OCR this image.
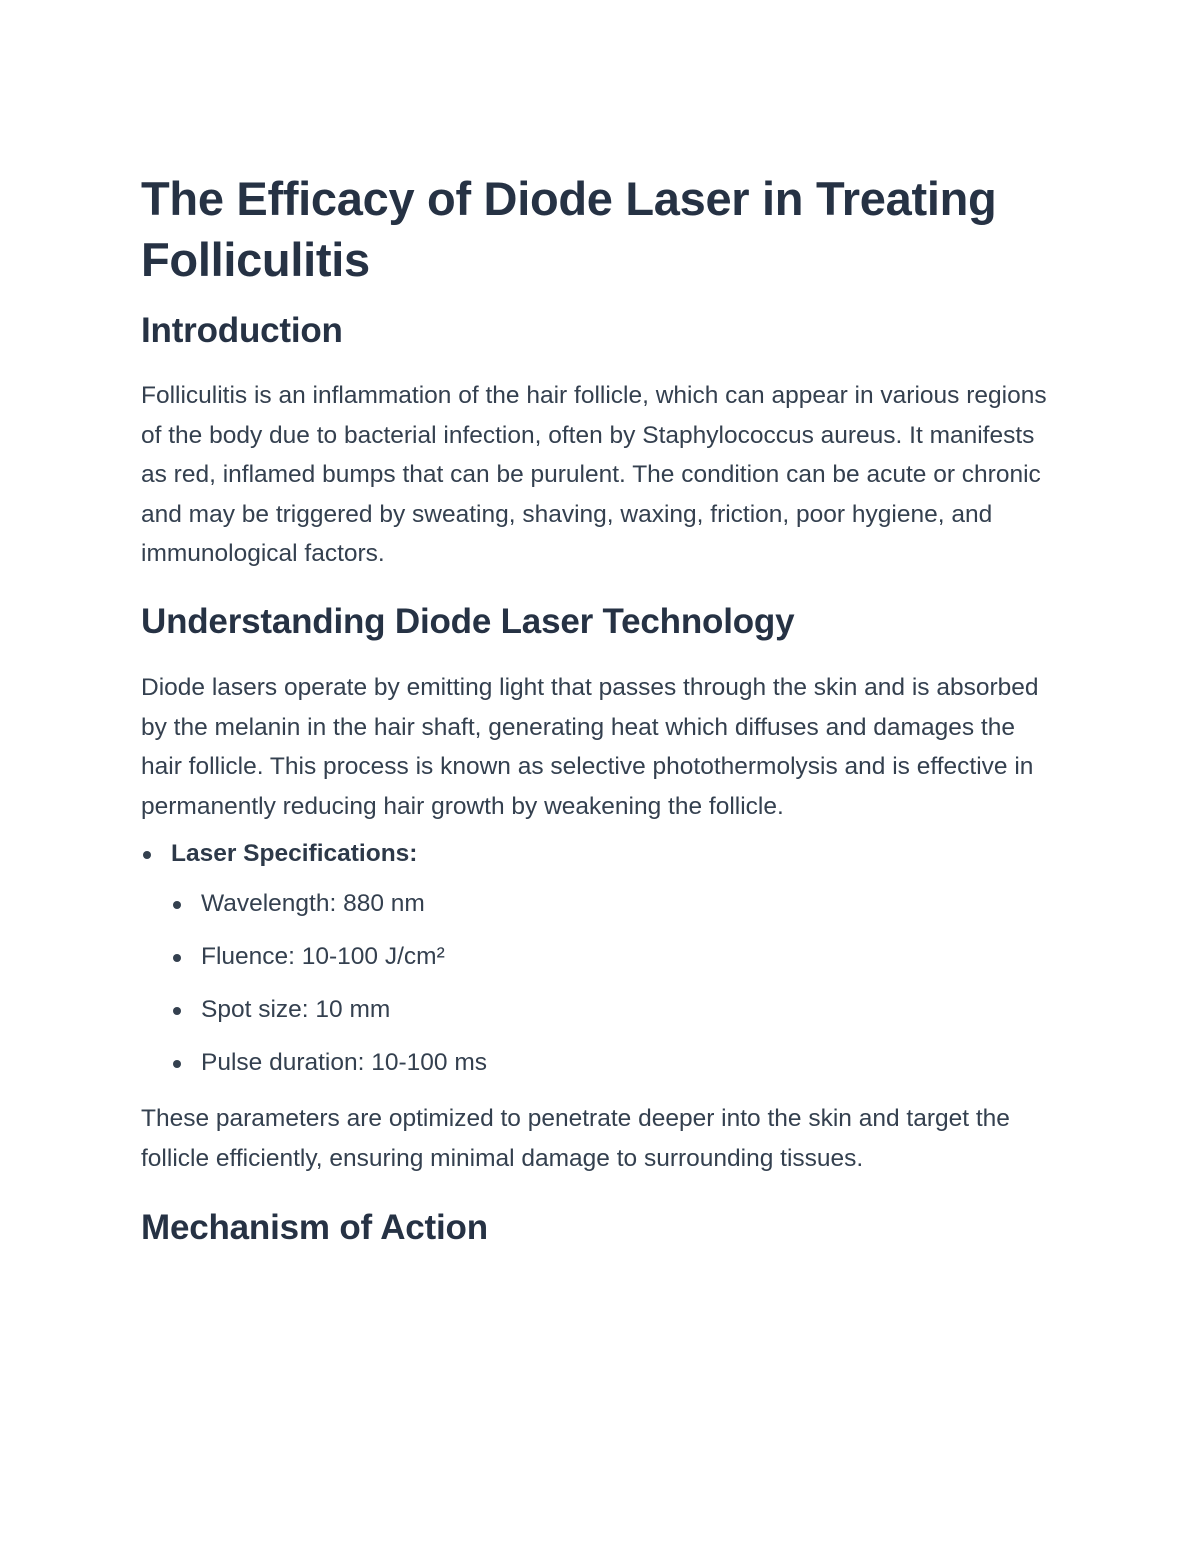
The Efficacy of Diode Laser in Treating Folliculitis
Introduction

Folliculitis is an inflammation of the hair follicle, which can appear in various regions of the body due to bacterial infection, often by Staphylococcus aureus. It manifests as red, inflamed bumps that can be purulent. The condition can be acute or chronic and may be triggered by sweating, shaving, waxing, friction, poor hygiene, and immunological factors.

Understanding Diode Laser Technology

Diode lasers operate by emitting light that passes through the skin and is absorbed by the melanin in the hair shaft, generating heat which diffuses and damages the hair follicle. This process is known as selective photothermolysis and is effective in permanently reducing hair growth by weakening the follicle.

Laser Specifications:
Wavelength: 880 nm
Fluence: 10-100 J/cm²
Spot size: 10 mm
Pulse duration: 10-100 ms

These parameters are optimized to penetrate deeper into the skin and target the follicle efficiently, ensuring minimal damage to surrounding tissues.

Mechanism of Action
